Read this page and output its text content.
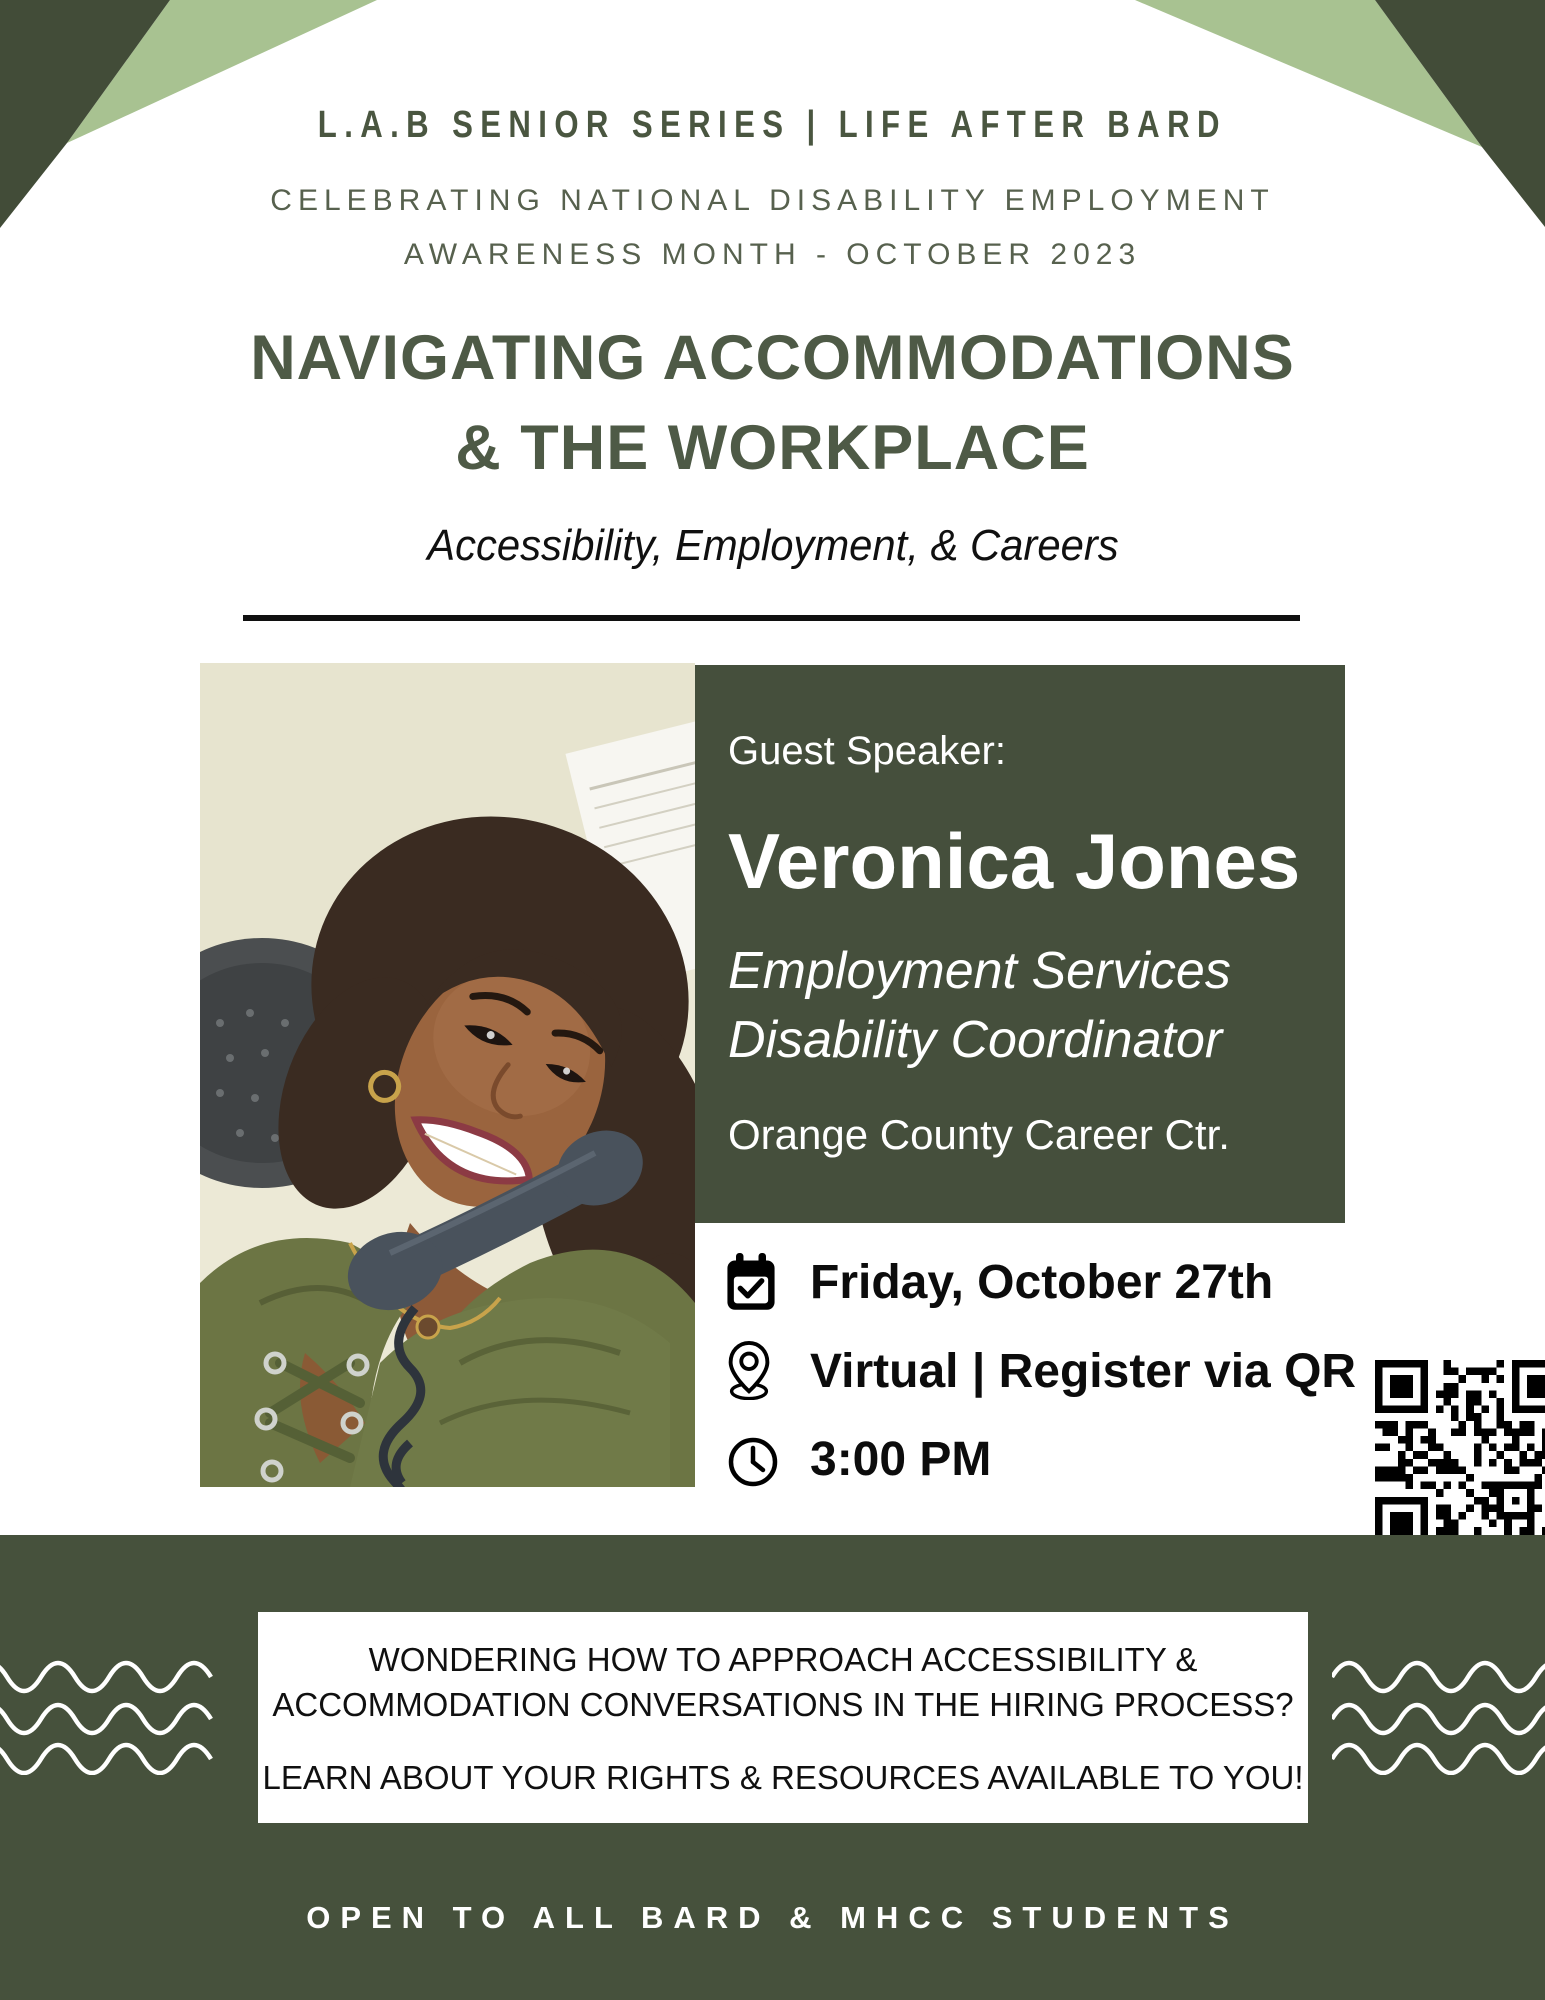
L.A.B SENIOR SERIES | LIFE AFTER BARD
CELEBRATING NATIONAL DISABILITY EMPLOYMENT
AWARENESS MONTH - OCTOBER 2023
NAVIGATING ACCOMMODATIONS
& THE WORKPLACE
Accessibility, Employment, & Careers
Guest Speaker:
Veronica Jones
Employment Services
Disability Coordinator
Orange County Career Ctr.
Friday, October 27th
Virtual | Register via QR
3:00 PM
WONDERING HOW TO APPROACH ACCESSIBILITY &
ACCOMMODATION CONVERSATIONS IN THE HIRING PROCESS?
LEARN ABOUT YOUR RIGHTS & RESOURCES AVAILABLE TO YOU!
OPEN TO ALL BARD & MHCC STUDENTS
